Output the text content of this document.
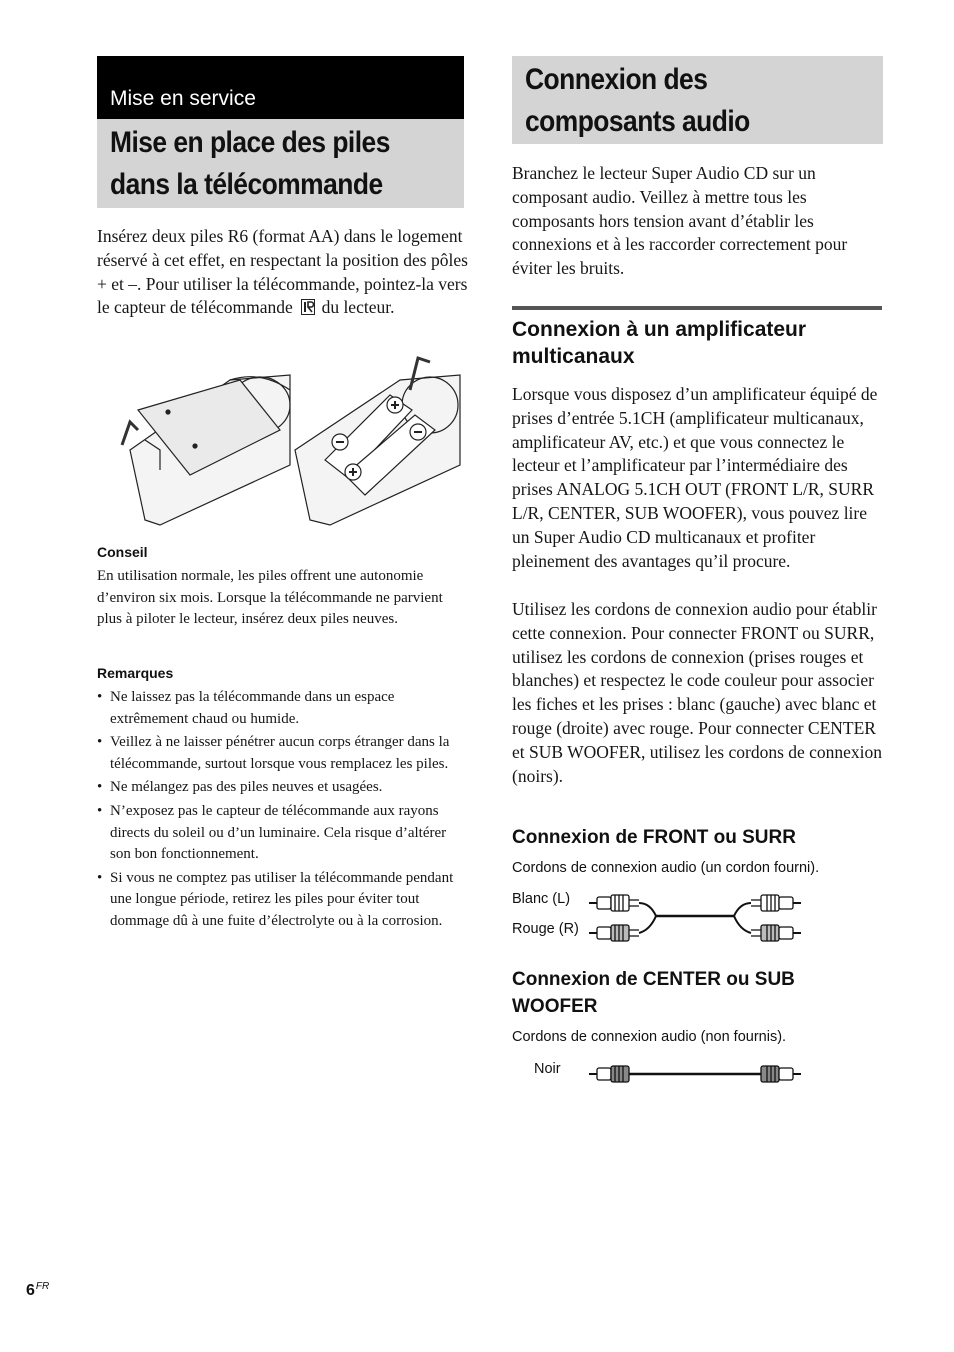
Mise en service
Mise en place des piles
dans la télécommande
Insérez deux piles R6 (format AA) dans le logement réservé à cet effet, en respectant la position des pôles + et –. Pour utiliser la télécommande, pointez-la vers le capteur de télécommande du lecteur.
Conseil
En utilisation normale, les piles offrent une autonomie d’environ six mois. Lorsque la télécommande ne parvient plus à piloter le lecteur, insérez deux piles neuves.
Remarques
• Ne laissez pas la télécommande dans un espace extrêmement chaud ou humide.
• Veillez à ne laisser pénétrer aucun corps étranger dans la télécommande, surtout lorsque vous remplacez les piles.
• Ne mélangez pas des piles neuves et usagées.
• N’exposez pas le capteur de télécommande aux rayons directs du soleil ou d’un luminaire. Cela risque d’altérer son bon fonctionnement.
• Si vous ne comptez pas utiliser la télécommande pendant une longue période, retirez les piles pour éviter tout dommage dû à une fuite d’électrolyte ou à la corrosion.
Connexion des
composants audio
Branchez le lecteur Super Audio CD sur un composant audio. Veillez à mettre tous les composants hors tension avant d’établir les connexions et à les raccorder correctement pour éviter les bruits.
Connexion à un amplificateur multicanaux
Lorsque vous disposez d’un amplificateur équipé de prises d’entrée 5.1CH (amplificateur multicanaux, amplificateur AV, etc.) et que vous connectez le lecteur et l’amplificateur par l’intermédiaire des prises ANALOG 5.1CH OUT (FRONT L/R, SURR L/R, CENTER, SUB WOOFER), vous pouvez lire un Super Audio CD multicanaux et profiter pleinement des avantages qu’il procure.
Utilisez les cordons de connexion audio pour établir cette connexion. Pour connecter FRONT ou SURR, utilisez les cordons de connexion (prises rouges et blanches) et respectez le code couleur pour associer les fiches et les prises : blanc (gauche) avec blanc et rouge (droite) avec rouge. Pour connecter CENTER et SUB WOOFER, utilisez les cordons de connexion (noirs).
Connexion de FRONT ou SURR
Cordons de connexion audio (un cordon fourni).
Blanc (L)
Rouge (R)
Connexion de CENTER ou SUB
WOOFER
Cordons de connexion audio (non fournis).
Noir
$6^{FR}$
